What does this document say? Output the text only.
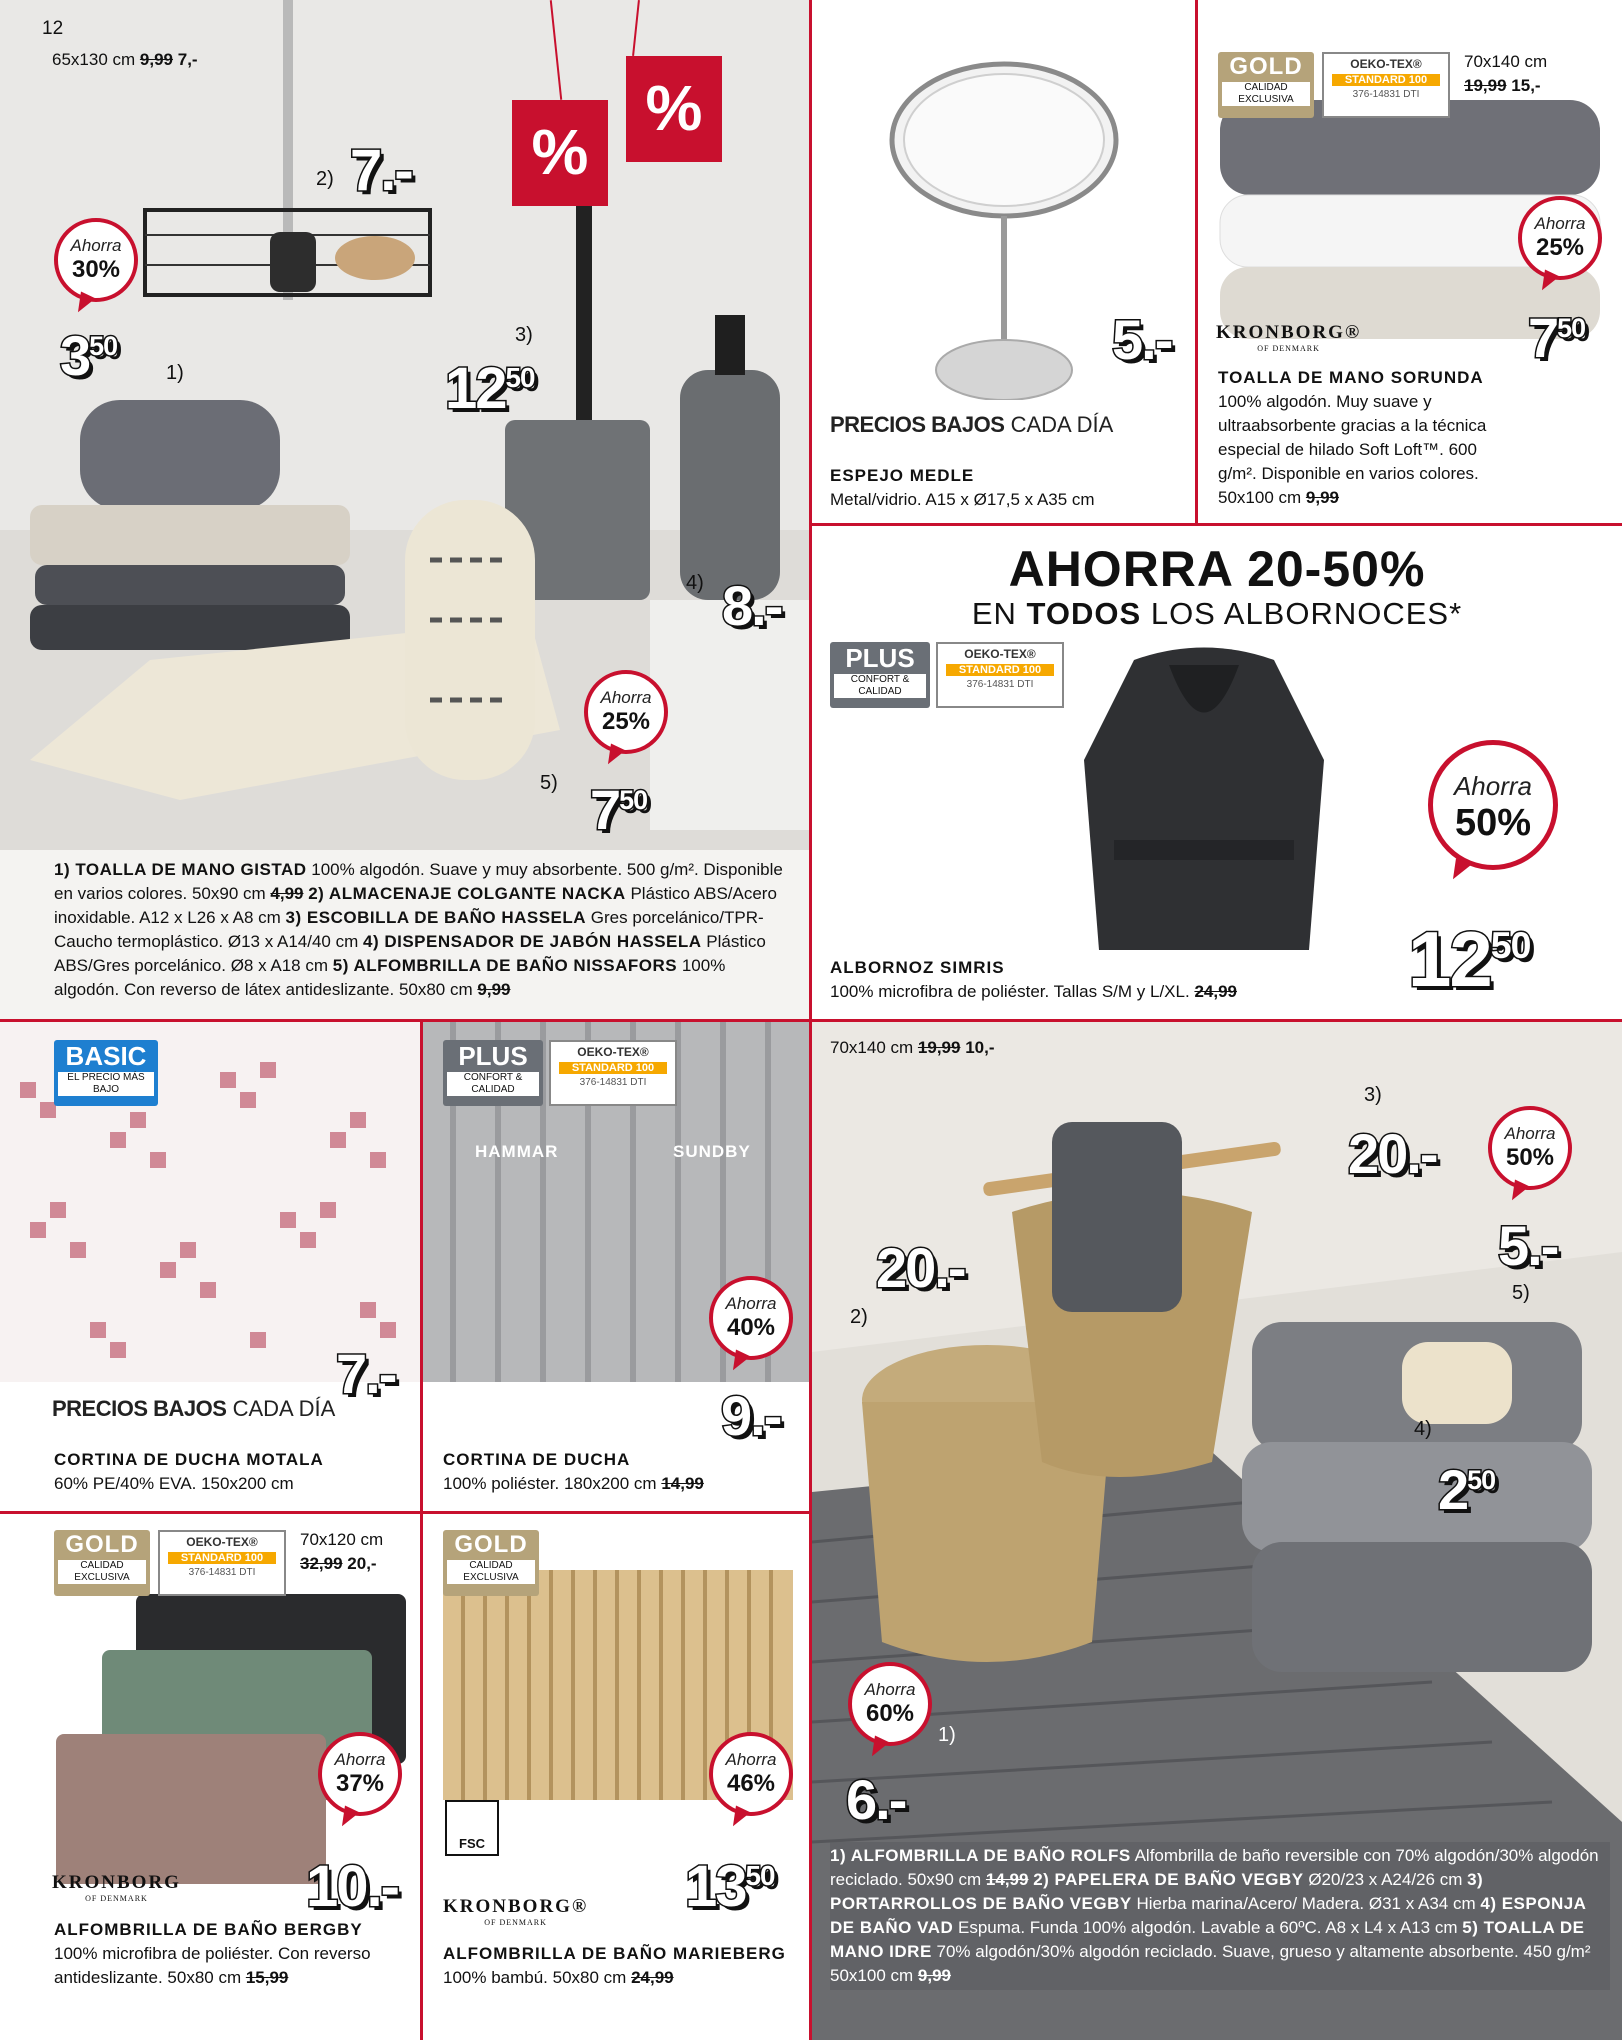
12
65x130 cm 9,99 7,-
%
%
Ahorra
30%
$3^{50}$
1)
2) 7.-
3)
$12^{50}$
4) 8.-
Ahorra
25%
5) $7^{50}$
1) TOALLA DE MANO GISTAD 100% algodón. Suave y muy absorbente. 500 g/m². Disponible en varios colores. 50x90 cm 4,99 2) ALMACENAJE COLGANTE NACKA Plástico ABS/Acero inoxidable. A12 x L26 x A8 cm 3) ESCOBILLA DE BAÑO HASSELA Gres porcelánico/TPR-Caucho termoplástico. Ø13 x A14/40 cm 4) DISPENSADOR DE JABÓN HASSELA Plástico ABS/Gres porcelánico. Ø8 x A18 cm 5) ALFOMBRILLA DE BAÑO NISSAFORS 100% algodón. Con reverso de látex antideslizante. 50x80 cm 9,99
5.-
PRECIOS BAJOS CADA DÍA
ESPEJO MEDLE
Metal/vidrio. A15 x Ø17,5 x A35 cm
GOLD
CALIDAD EXCLUSIVA
OEKO-TEX®
STANDARD 100
376-14831 DTI
70x140 cm
19,99 15,-
Ahorra
25%
KRONBORG®
OF DENMARK	$7^{50}$
TOALLA DE MANO SORUNDA
100% algodón. Muy suave y ultraabsorbente gracias a la técnica especial de hilado Soft Loft™. 600 g/m². Disponible en varios colores. 50x100 cm 9,99
AHORRA 20-50%
EN TODOS LOS ALBORNOCES*
PLUS
CONFORT & CALIDAD
OEKO-TEX®
STANDARD 100
376-14831 DTI
Ahorra
50%
$12^{50}$
ALBORNOZ SIMRIS
100% microfibra de poliéster. Tallas S/M y L/XL. 24,99
BASIC
EL PRECIO MÁS BAJO
7.-
PRECIOS BAJOS CADA DÍA
CORTINA DE DUCHA MOTALA
60% PE/40% EVA. 150x200 cm
PLUS
CONFORT & CALIDAD
OEKO-TEX®
STANDARD 100
376-14831 DTI
HAMMAR	SUNDBY
Ahorra
40%
9.-
CORTINA DE DUCHA
100% poliéster. 180x200 cm 14,99
GOLD
CALIDAD EXCLUSIVA
OEKO-TEX®
STANDARD 100
376-14831 DTI
70x120 cm
32,99 20,-
Ahorra
37%
KRONBORG
OF DENMARK	10.-
ALFOMBRILLA DE BAÑO BERGBY
100% microfibra de poliéster. Con reverso antideslizante. 50x80 cm 15,99
GOLD
CALIDAD EXCLUSIVA
FSC
Ahorra
46%
KRONBORG®
OF DENMARK
$13^{50}$
ALFOMBRILLA DE BAÑO MARIEBERG
100% bambú. 50x80 cm 24,99
70x140 cm 19,99 10,-
3)
20.-	Ahorra
50%
5.-
5)
20.-
2)
4)
$2^{50}$
Ahorra
60%
1)
6.-
1) ALFOMBRILLA DE BAÑO ROLFS Alfombrilla de baño reversible con 70% algodón/30% algodón reciclado. 50x90 cm 14,99 2) PAPELERA DE BAÑO VEGBY Ø20/23 x A24/26 cm 3) PORTARROLLOS DE BAÑO VEGBY Hierba marina/Acero/ Madera. Ø31 x A34 cm 4) ESPONJA DE BAÑO VAD Espuma. Funda 100% algodón. Lavable a 60ºC. A8 x L4 x A13 cm 5) TOALLA DE MANO IDRE 70% algodón/30% algodón reciclado. Suave, grueso y altamente absorbente. 450 g/m² 50x100 cm 9,99
